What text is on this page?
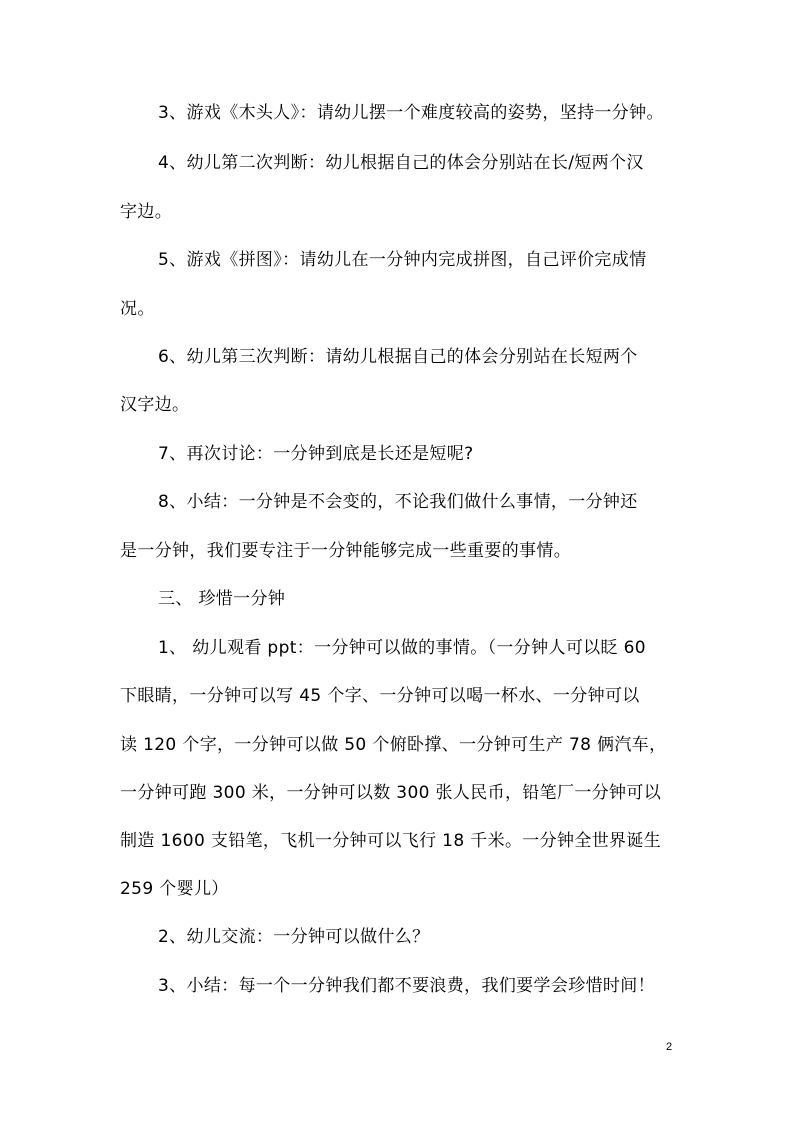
3、游戏《木头人》：请幼儿摆一个难度较高的姿势，坚持一分钟。
4、幼儿第二次判断：幼儿根据自己的体会分别站在长/短两个汉
字边。
5、游戏《拼图》：请幼儿在一分钟内完成拼图，自己评价完成情
况。
6、幼儿第三次判断：请幼儿根据自己的体会分别站在长短两个
汉字边。
7、再次讨论：一分钟到底是长还是短呢?
8、小结：一分钟是不会变的，不论我们做什么事情，一分钟还
是一分钟，我们要专注于一分钟能够完成一些重要的事情。
三、 珍惜一分钟
1、 幼儿观看 ppt：一分钟可以做的事情。（一分钟人可以眨 60
下眼睛，一分钟可以写 45 个字、一分钟可以喝一杯水、一分钟可以
读 120 个字，一分钟可以做 50 个俯卧撑、一分钟可生产 78 俩汽车，
一分钟可跑 300 米，一分钟可以数 300 张人民币，铅笔厂一分钟可以
制造 1600 支铅笔，飞机一分钟可以飞行 18 千米。一分钟全世界诞生
259 个婴儿）
2、幼儿交流：一分钟可以做什么？
3、小结：每一个一分钟我们都不要浪费，我们要学会珍惜时间！
2
